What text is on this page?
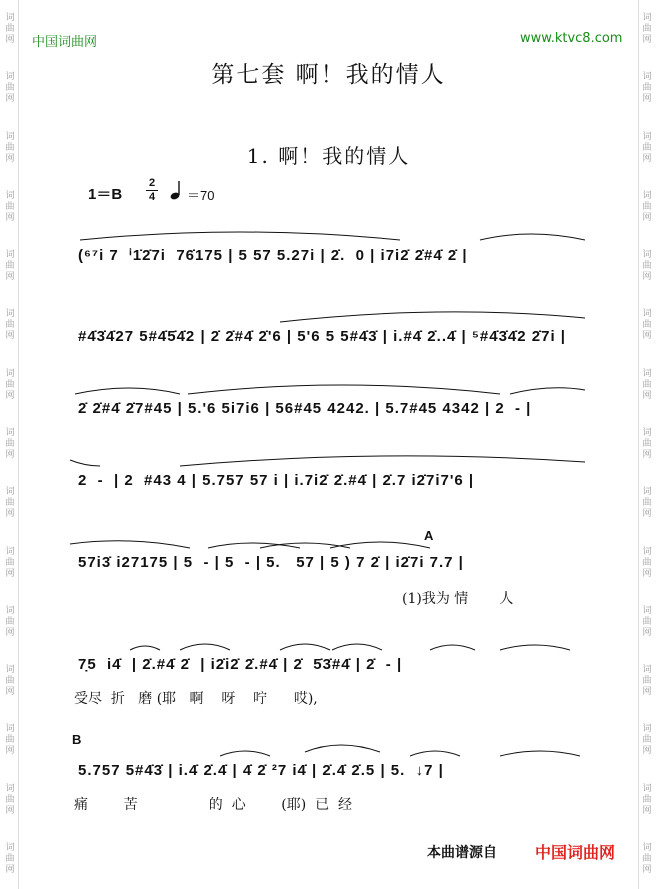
词
曲
网
词
曲
网
词
曲
网
词
曲
网
词
曲
网
词
曲
网
词
曲
网
词
曲
网
词
曲
网
词
曲
网
词
曲
网
词
曲
网
词
曲
网
词
曲
网
词
曲
网
词
曲
网
词
曲
网
词
曲
网
词
曲
网
词
曲
网
词
曲
网
词
曲
网
词
曲
网
词
曲
网
词
曲
网
词
曲
网
词
曲
网
词
曲
网
词
曲
网
词
曲
网
中国词曲网	www.ktvc8.com
第七套 啊！我的情人
1. 啊！我的情人
1＝B
2
4 ＝70
(⁶⁷i 7  ⁱ1̇2̇7i  76̇175 | 5 57 5.27i | 2̇.  0 | i7i2̇ 2̇#4̇ 2̇ |
#4̇3̇4̇27 5#4̇5̇4̇2 | 2̇ 2̇#4̇ 2̇'6 | 5'6 5 5#4̇3̇ | i.#4̇ 2̇..4̇ | ⁵#4̇3̇4̇2 2̇7i |
2̇ 2̇#4̇ 2̇7#45 | 5.'6 5i7i6 | 56#45 4242. | 5.7#45 4342 | 2  - |
2  -  | 2  #43 4 | 5.757 57 i | i.7i2̇ 2̇.#4̇ | 2̇.7 i2̇7i7'6 |
57i3̇ i27175 | 5  - | 5  - | 5.   57 | 5 ) 7 2̇ | i2̇7i 7.7 |
A
(1)我为 情       人
7̣5  i4̇  | 2̇.#4̇ 2̇  | i2̇i2̇ 2̇.#4̇ | 2̇  5̇3̇#4̇ | 2̇  - |
受尽  折   磨 (耶   啊    呀    咛      哎),
B
5.757 5#4̇3̇ | i.4̇ 2̇.4̇ | 4̇ 2̇ ²7 i4̇ | 2̇.4̇ 2̇.5 | 5.  ↓7 |
痛        苦                的  心        (耶)  已  经
本曲谱源自 中国词曲网
